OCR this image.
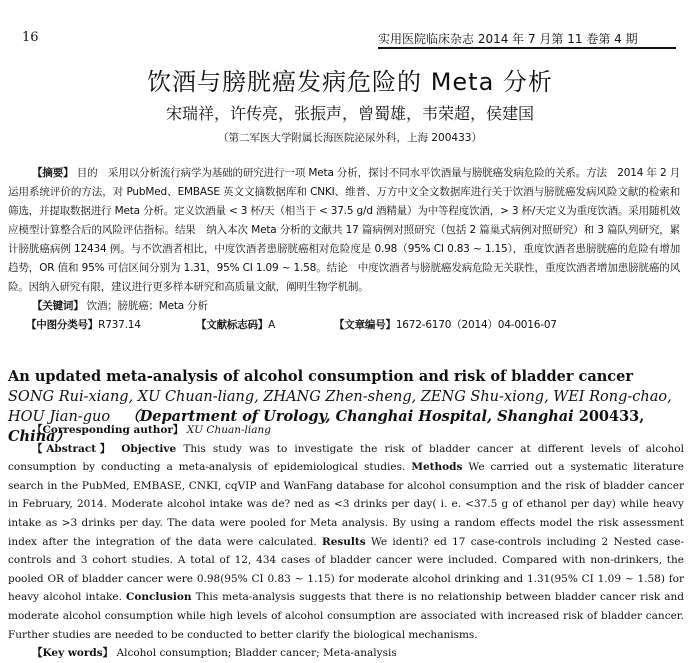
16	实用医院临床杂志 2014 年 7 月第 11 卷第 4 期
饮酒与膀胱癌发病危险的 Meta 分析
宋瑞祥，许传亮，张振声，曾蜀雄，韦荣超，侯建国
（第二军医大学附属长海医院泌尿外科，上海 200433）

【摘要】 目的　采用以分析流行病学为基础的研究进行一项 Meta 分析，探讨不同水平饮酒量与膀胱癌发病危险的关系。方法　2014 年 2 月运用系统评价的方法，对 PubMed、EMBASE 英文文摘数据库和 CNKI、维普、万方中文全文数据库进行关于饮酒与膀胱癌发病风险文献的检索和筛选，并提取数据进行 Meta 分析。定义饮酒量 < 3 杯/天（相当于 < 37.5 g/d 酒精量）为中等程度饮酒，> 3 杯/天定义为重度饮酒。采用随机效应模型计算整合后的风险评估指标。结果　纳入本次 Meta 分析的文献共 17 篇病例对照研究（包括 2 篇巢式病例对照研究）和 3 篇队列研究，累计膀胱癌病例 12434 例。与不饮酒者相比，中度饮酒者患膀胱癌相对危险度是 0.98（95% CI 0.83 ~ 1.15），重度饮酒者患膀胱癌的危险有增加趋势，OR 值和 95% 可信区间分别为 1.31，95% CI 1.09 ~ 1.58。结论　中度饮酒者与膀胱癌发病危险无关联性，重度饮酒者增加患膀胱癌的风险。因纳入研究有限，建议进行更多样本研究和高质量文献，阐明生物学机制。

【关键词】 饮酒；膀胱癌；Meta 分析

【中图分类号】R737.14	【文献标志码】A	【文章编号】1672-6170（2014）04-0016-07
An updated meta-analysis of alcohol consumption and risk of bladder cancer   SONG Rui-xiang, XU Chuan-liang, ZHANG Zhen-sheng, ZENG Shu-xiong, WEI Rong-chao, HOU Jian-guo （Department of Urology, Changhai Hospital, Shanghai 200433, China）

【Corresponding author】 XU Chuan-liang

【Abstract】 Objective This study was to investigate the risk of bladder cancer at different levels of alcohol consumption by conducting a meta-analysis of epidemiological studies. Methods We carried out a systematic literature search in the PubMed, EMBASE, CNKI, cqVIP and WanFang database for alcohol consumption and the risk of bladder cancer in February, 2014. Moderate alcohol intake was de? ned as <3 drinks per day( i. e. <37.5 g of ethanol per day) while heavy intake as >3 drinks per day. The data were pooled for Meta analysis. By using a random effects model the risk assessment index after the integration of the data were calculated. Results We identi? ed 17 case-controls including 2 Nested case-controls and 3 cohort studies. A total of 12, 434 cases of bladder cancer were included. Compared with non-drinkers, the pooled OR of bladder cancer were 0.98(95% CI 0.83 ~ 1.15) for moderate alcohol drinking and 1.31(95% CI 1.09 ~ 1.58) for heavy alcohol intake. Conclusion This meta-analysis suggests that there is no relationship between bladder cancer risk and moderate alcohol consumption while high levels of alcohol consumption are associated with increased risk of bladder cancer. Further studies are needed to be conducted to better clarify the biological mechanisms.

【Key words】 Alcohol consumption; Bladder cancer; Meta-analysis
